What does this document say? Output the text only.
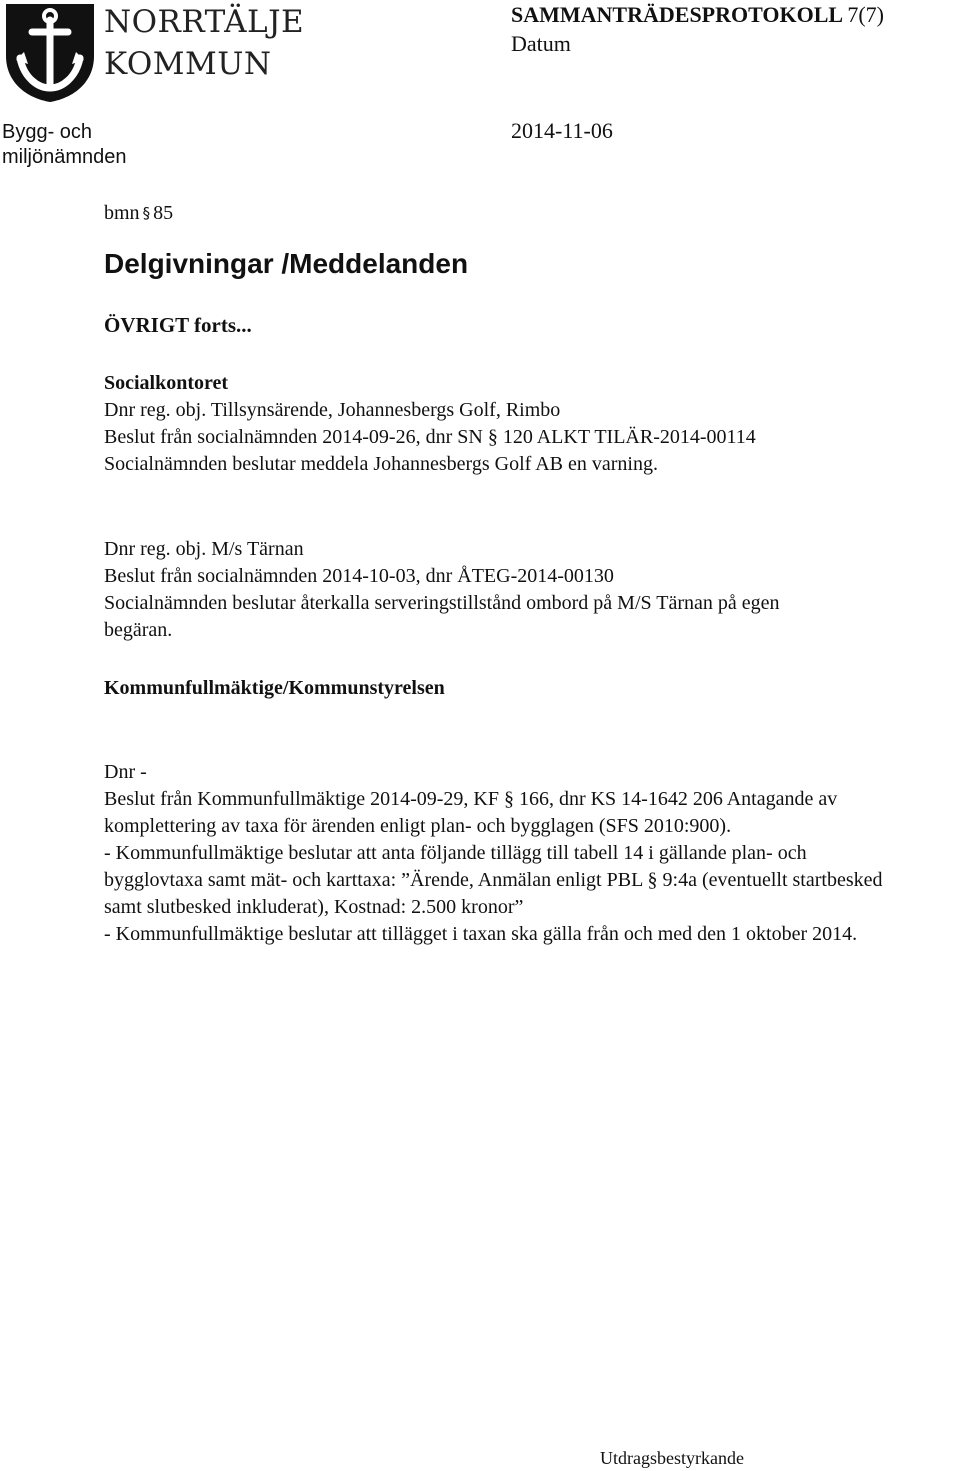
NORRTÄLJE
KOMMUN
SAMMANTRÄDESPROTOKOLL 7(7)
Datum
2014-11-06
Bygg- och
miljönämnden
bmn § 85
Delgivningar /Meddelanden
ÖVRIGT forts...
Socialkontoret
Dnr reg. obj. Tillsynsärende, Johannesbergs Golf, Rimbo
Beslut från socialnämnden 2014-09-26, dnr SN § 120 ALKT TILÄR-2014-00114
Socialnämnden beslutar meddela Johannesbergs Golf AB en varning.
Dnr reg. obj. M/s Tärnan
Beslut från socialnämnden 2014-10-03, dnr ÅTEG-2014-00130
Socialnämnden beslutar återkalla serveringstillstånd ombord på M/S Tärnan på egen
begäran.
Kommunfullmäktige/Kommunstyrelsen
Dnr -
Beslut från Kommunfullmäktige 2014-09-29, KF § 166, dnr KS 14-1642 206 Antagande av
komplettering av taxa för ärenden enligt plan- och bygglagen (SFS 2010:900).
- Kommunfullmäktige beslutar att anta följande tillägg till tabell 14 i gällande plan- och
bygglovtaxa samt mät- och karttaxa: ”Ärende, Anmälan enligt PBL § 9:4a (eventuellt startbesked
samt slutbesked inkluderat), Kostnad: 2.500 kronor”
- Kommunfullmäktige beslutar att tillägget i taxan ska gälla från och med den 1 oktober 2014.
Utdragsbestyrkande
